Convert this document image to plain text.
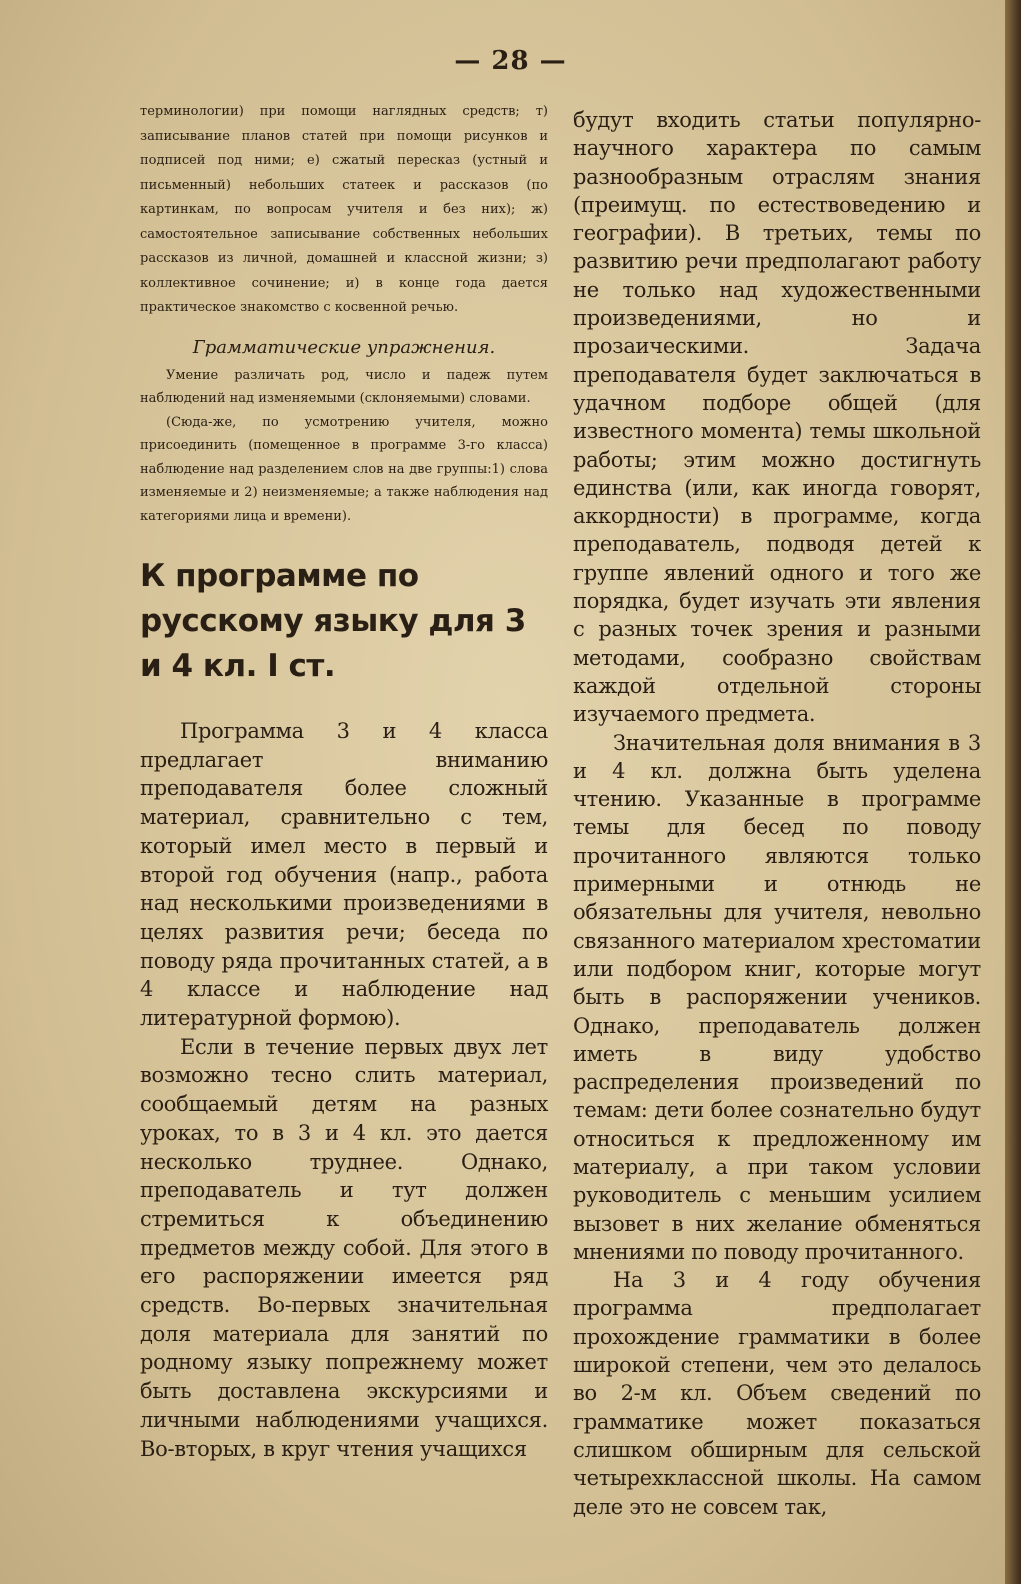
— 28 —

терминологии) при помощи наглядных средств; т) записывание планов статей при помощи рисунков и подписей под ними; е) сжатый пересказ (устный и письменный) небольших статеек и рассказов (по картинкам, по вопросам учителя и без них); ж) самостоятельное записывание собственных небольших рассказов из личной, домашней и классной жизни; з) коллективное сочинение; и) в конце года дается практическое знакомство с косвенной речью.

Грамматические упражнения.

Умение различать род, число и падеж путем наблюдений над изменяемыми (склоняемыми) словами.

(Сюда-же, по усмотрению учителя, можно присоединить (помещенное в программе 3-го класса) наблюдение над разделением слов на две группы:1) слова изменяемые и 2) неизменяемые; а также наблюдения над категориями лица и времени).

К программе по русскому языку для 3 и 4 кл. I ст.

Программа 3 и 4 класса предлагает вниманию преподавателя более сложный материал, сравнительно с тем, который имел место в первый и второй год обучения (напр., работа над несколькими произведениями в целях развития речи; беседа по поводу ряда прочитанных статей, а в 4 классе и наблюдение над литературной формою).

Если в течение первых двух лет возможно тесно слить материал, сообщаемый детям на разных уроках, то в 3 и 4 кл. это дается несколько труднее. Однако, преподаватель и тут должен стремиться к объединению предметов между собой. Для этого в его распоряжении имеется ряд средств. Во-первых значительная доля материала для занятий по родному языку попрежнему может быть доставлена экскурсиями и личными наблюдениями учащихся. Во-вторых, в круг чтения учащихся

будут входить статьи популярно-научного характера по самым разнообразным отраслям знания (преимущ. по естествоведению и географии). В третьих, темы по развитию речи предполагают работу не только над художественными произведениями, но и прозаическими. Задача преподавателя будет заключаться в удачном подборе общей (для известного момента) темы школьной работы; этим можно достигнуть единства (или, как иногда говорят, аккордности) в программе, когда преподаватель, подводя детей к группе явлений одного и того же порядка, будет изучать эти явления с разных точек зрения и разными методами, сообразно свойствам каждой отдельной стороны изучаемого предмета.

Значительная доля внимания в 3 и 4 кл. должна быть уделена чтению. Указанные в программе темы для бесед по поводу прочитанного являются только примерными и отнюдь не обязательны для учителя, невольно связанного материалом хрестоматии или подбором книг, которые могут быть в распоряжении учеников. Однако, преподаватель должен иметь в виду удобство распределения произведений по темам: дети более сознательно будут относиться к предложенному им материалу, а при таком условии руководитель с меньшим усилием вызовет в них желание обменяться мнениями по поводу прочитанного.

На 3 и 4 году обучения программа предполагает прохождение грамматики в более широкой степени, чем это делалось во 2-м кл. Объем сведений по грамматике может показаться слишком обширным для сельской четырехклассной школы. На самом деле это не совсем так,
